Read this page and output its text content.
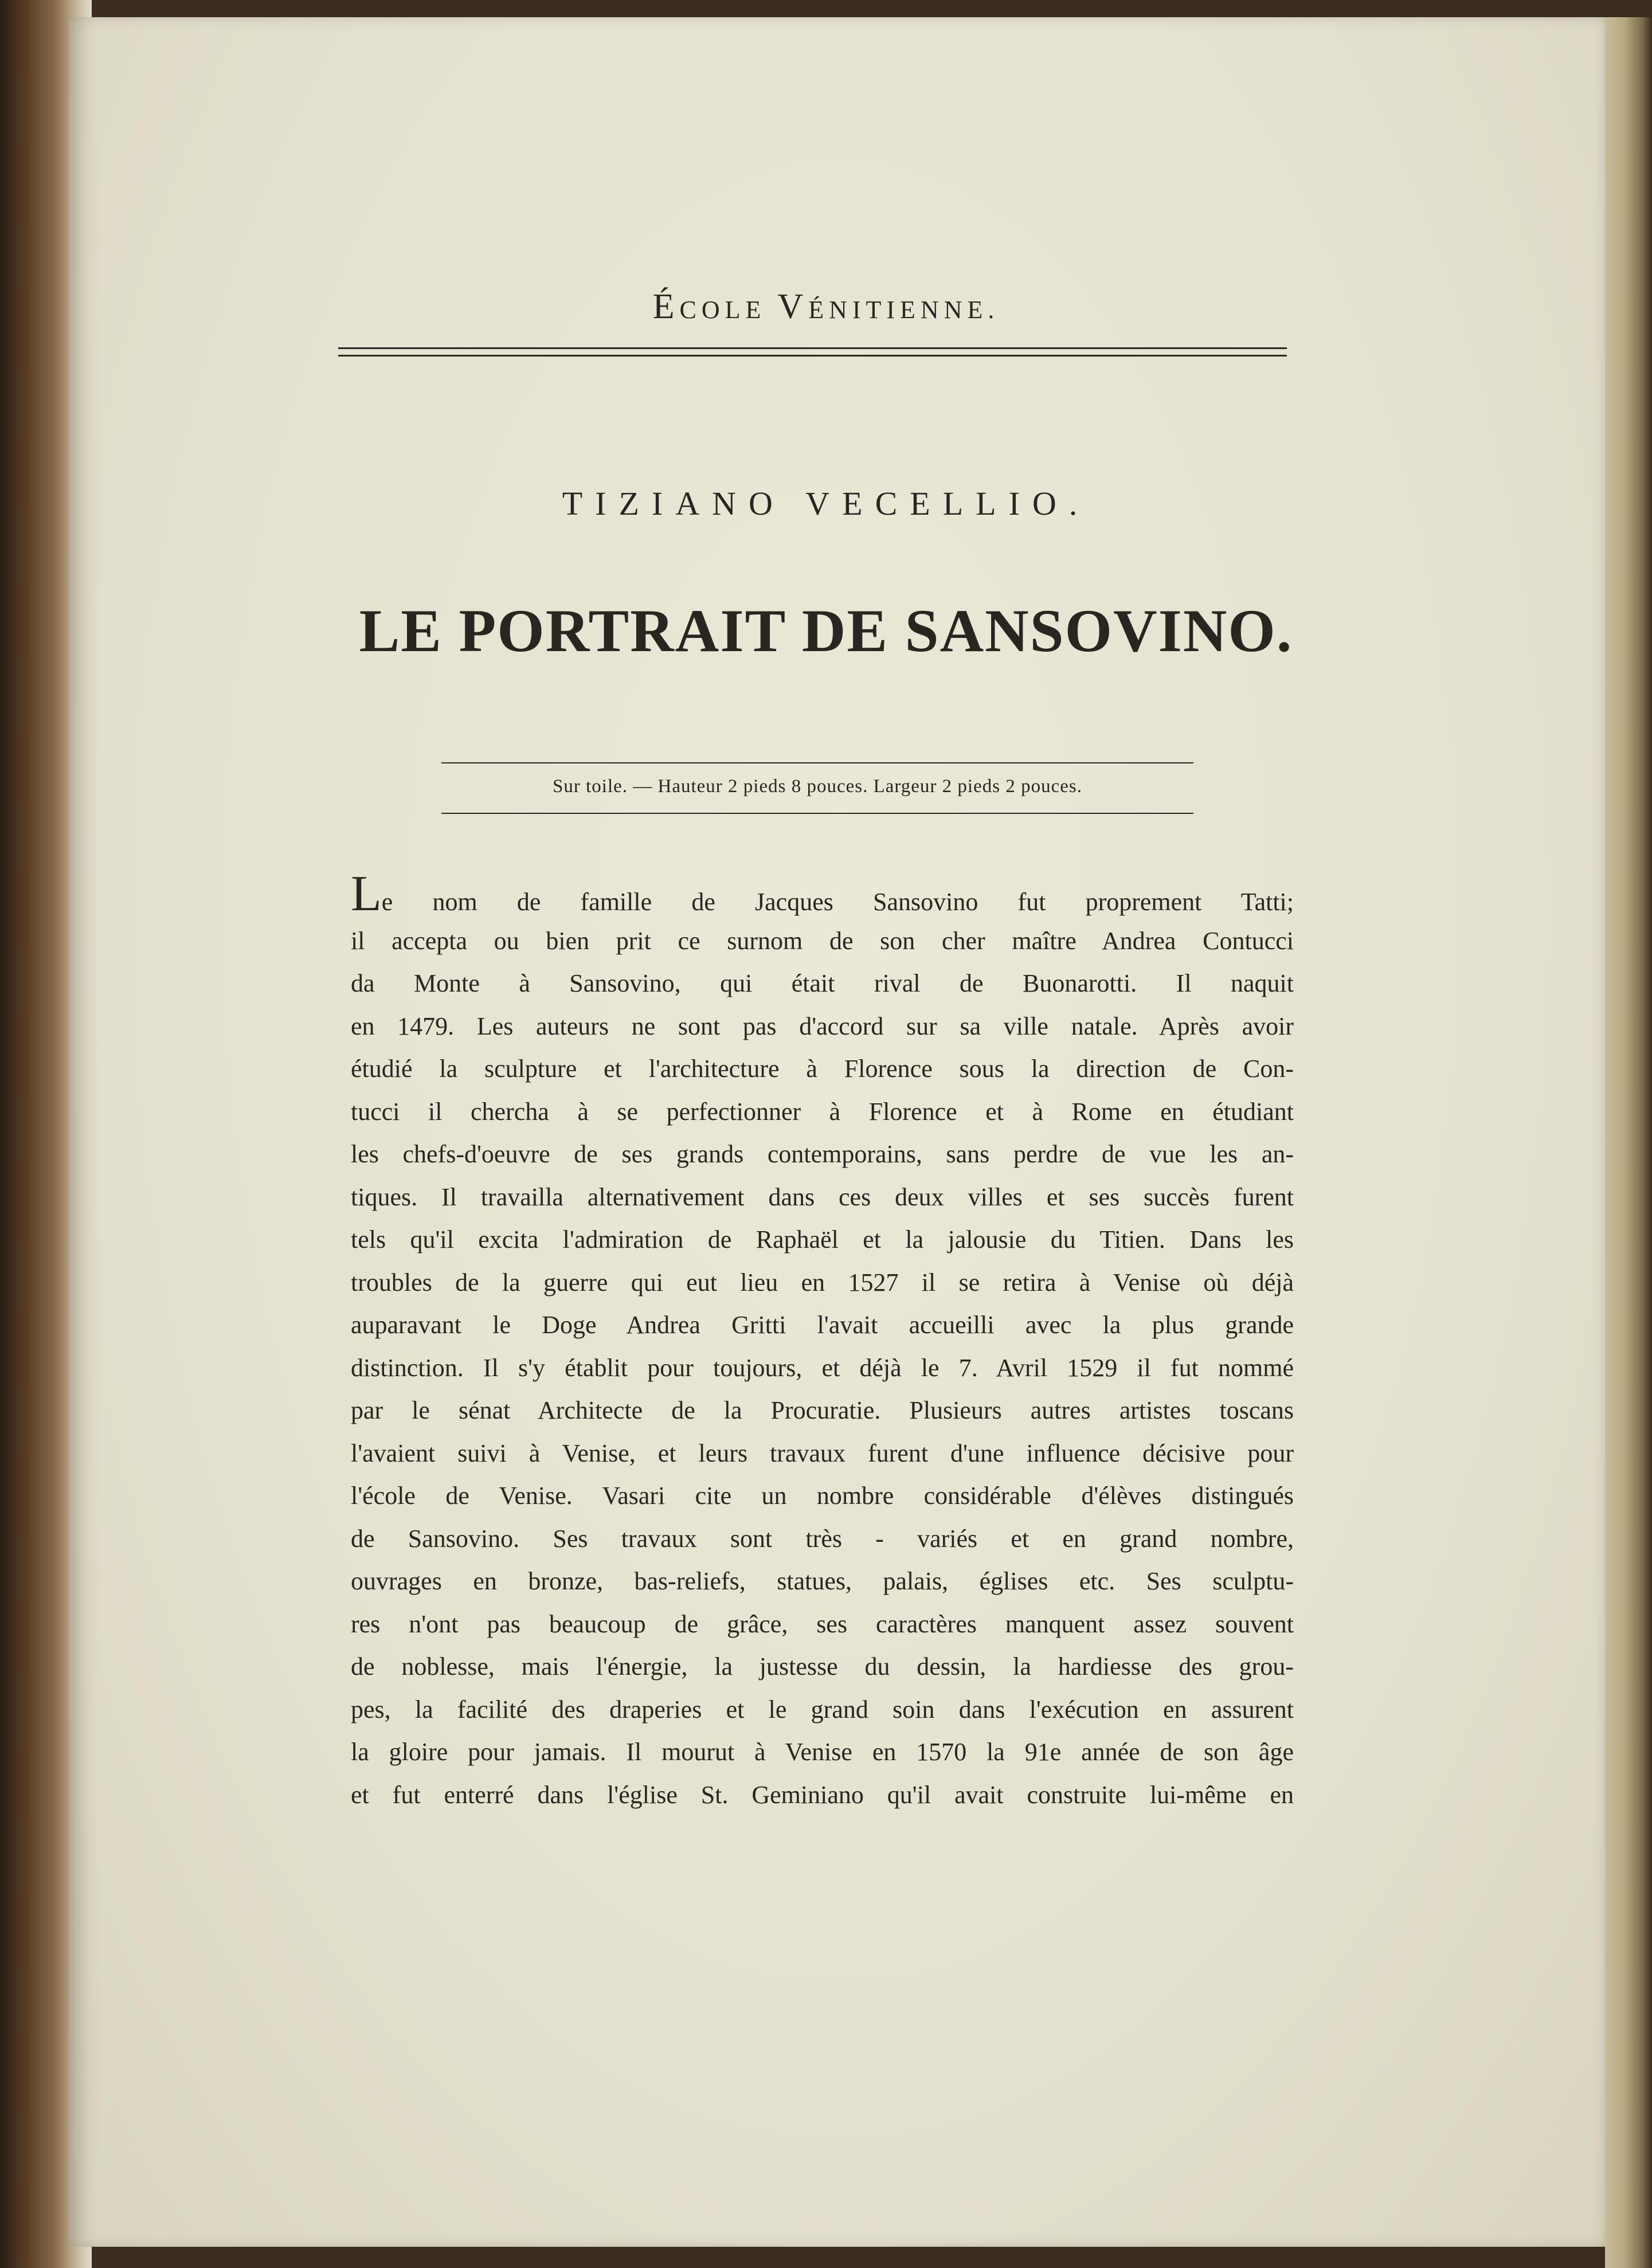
ÉCOLE VÉNITIENNE.
TIZIANO VECELLIO.
LE PORTRAIT DE SANSOVINO.
Sur toile. — Hauteur 2 pieds 8 pouces. Largeur 2 pieds 2 pouces.
Le nom de famille de Jacques Sansovino fut proprement Tatti;
il accepta ou bien prit ce surnom de son cher maître Andrea Contucci
da Monte à Sansovino, qui était rival de Buonarotti. Il naquit
en 1479. Les auteurs ne sont pas d'accord sur sa ville natale. Après avoir
étudié la sculpture et l'architecture à Florence sous la direction de Con-
tucci il chercha à se perfectionner à Florence et à Rome en étudiant
les chefs-d'oeuvre de ses grands contemporains, sans perdre de vue les an-
tiques. Il travailla alternativement dans ces deux villes et ses succès furent
tels qu'il excita l'admiration de Raphaël et la jalousie du Titien. Dans les
troubles de la guerre qui eut lieu en 1527 il se retira à Venise où déjà
auparavant le Doge Andrea Gritti l'avait accueilli avec la plus grande
distinction. Il s'y établit pour toujours, et déjà le 7. Avril 1529 il fut nommé
par le sénat Architecte de la Procuratie. Plusieurs autres artistes toscans
l'avaient suivi à Venise, et leurs travaux furent d'une influence décisive pour
l'école de Venise. Vasari cite un nombre considérable d'élèves distingués
de Sansovino. Ses travaux sont très - variés et en grand nombre,
ouvrages en bronze, bas-reliefs, statues, palais, églises etc. Ses sculptu-
res n'ont pas beaucoup de grâce, ses caractères manquent assez souvent
de noblesse, mais l'énergie, la justesse du dessin, la hardiesse des grou-
pes, la facilité des draperies et le grand soin dans l'exécution en assurent
la gloire pour jamais. Il mourut à Venise en 1570 la 91e année de son âge
et fut enterré dans l'église St. Geminiano qu'il avait construite lui-même en
